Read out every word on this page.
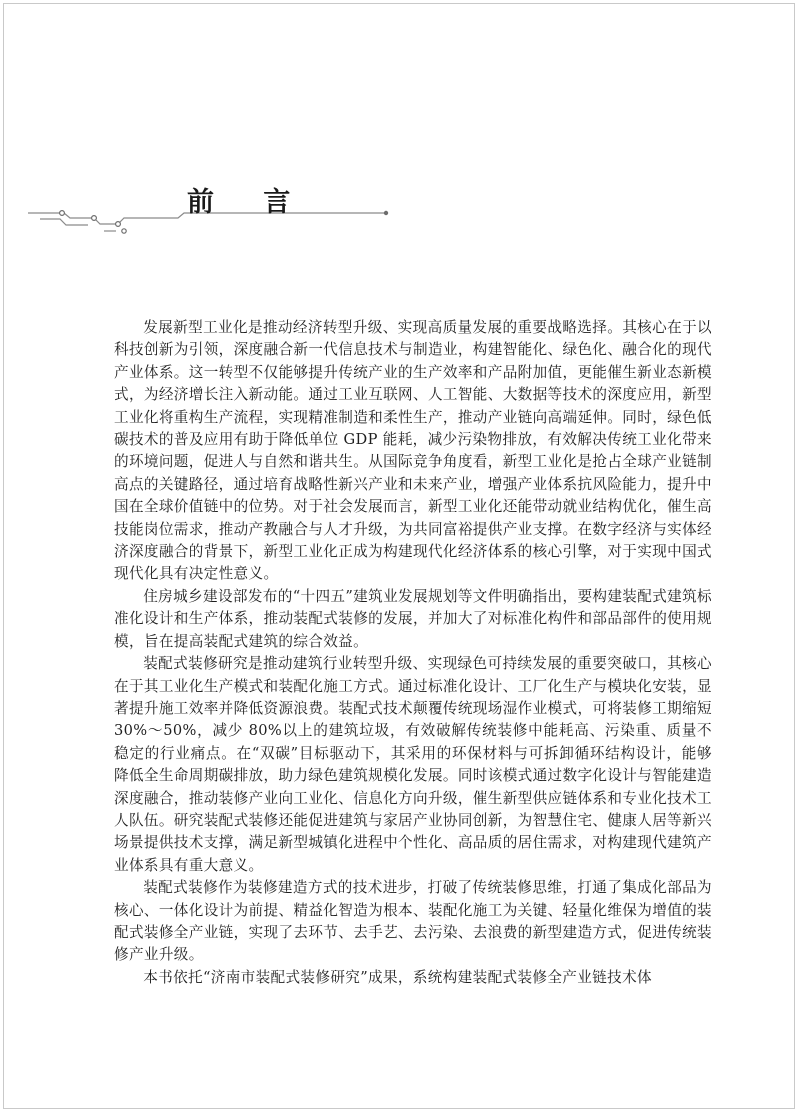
前 言

发展新型工业化是推动经济转型升级、实现高质量发展的重要战略选择。其核心在于以科技创新为引领，深度融合新一代信息技术与制造业，构建智能化、绿色化、融合化的现代产业体系。这一转型不仅能够提升传统产业的生产效率和产品附加值，更能催生新业态新模式，为经济增长注入新动能。通过工业互联网、人工智能、大数据等技术的深度应用，新型工业化将重构生产流程，实现精准制造和柔性生产，推动产业链向高端延伸。同时，绿色低碳技术的普及应用有助于降低单位 GDP 能耗，减少污染物排放，有效解决传统工业化带来的环境问题，促进人与自然和谐共生。从国际竞争角度看，新型工业化是抢占全球产业链制高点的关键路径，通过培育战略性新兴产业和未来产业，增强产业体系抗风险能力，提升中国在全球价值链中的位势。对于社会发展而言，新型工业化还能带动就业结构优化，催生高技能岗位需求，推动产教融合与人才升级，为共同富裕提供产业支撑。在数字经济与实体经济深度融合的背景下，新型工业化正成为构建现代化经济体系的核心引擎，对于实现中国式现代化具有决定性意义。

住房城乡建设部发布的“十四五”建筑业发展规划等文件明确指出，要构建装配式建筑标准化设计和生产体系，推动装配式装修的发展，并加大了对标准化构件和部品部件的使用规模，旨在提高装配式建筑的综合效益。

装配式装修研究是推动建筑行业转型升级、实现绿色可持续发展的重要突破口，其核心在于其工业化生产模式和装配化施工方式。通过标准化设计、工厂化生产与模块化安装，显著提升施工效率并降低资源浪费。装配式技术颠覆传统现场湿作业模式，可将装修工期缩短 30%～50%，减少 80%以上的建筑垃圾，有效破解传统装修中能耗高、污染重、质量不稳定的行业痛点。在“双碳”目标驱动下，其采用的环保材料与可拆卸循环结构设计，能够降低全生命周期碳排放，助力绿色建筑规模化发展。同时该模式通过数字化设计与智能建造深度融合，推动装修产业向工业化、信息化方向升级，催生新型供应链体系和专业化技术工人队伍。研究装配式装修还能促进建筑与家居产业协同创新，为智慧住宅、健康人居等新兴场景提供技术支撑，满足新型城镇化进程中个性化、高品质的居住需求，对构建现代建筑产业体系具有重大意义。

装配式装修作为装修建造方式的技术进步，打破了传统装修思维，打通了集成化部品为核心、一体化设计为前提、精益化智造为根本、装配化施工为关键、轻量化维保为增值的装配式装修全产业链，实现了去环节、去手艺、去污染、去浪费的新型建造方式，促进传统装修产业升级。

本书依托“济南市装配式装修研究”成果，系统构建装配式装修全产业链技术体
